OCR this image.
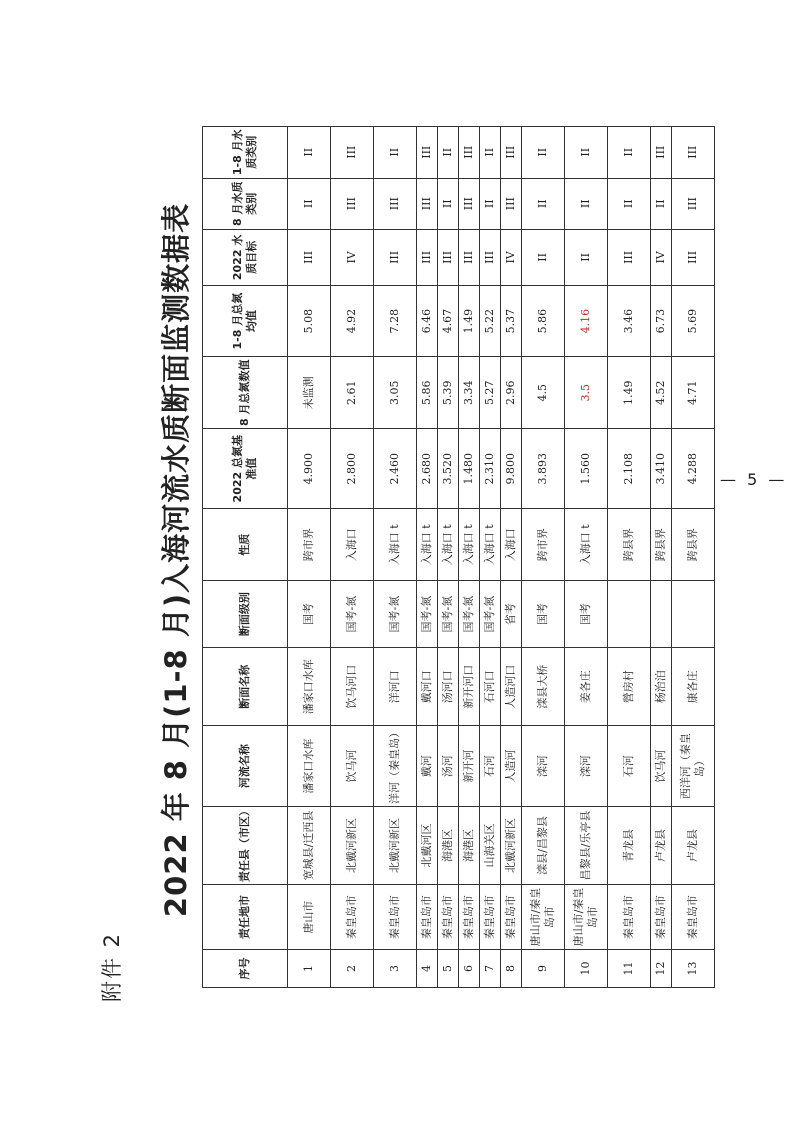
附件 2
2022 年 8 月(1-8 月)入海河流水质断面监测数据表
序号	责任地市	责任县（市区）	河流名称	断面名称	断面级别	性质	2022 总氮基准值	8 月总氮数值	1-8 月总氮均值	2022 水质目标	8 月水质类别	1-8 月水质类别
1	唐山市	宽城县/迁西县	潘家口水库	潘家口水库	国考	跨市界	4.900	未监测	5.08	III	II	II
2	秦皇岛市	北戴河新区	饮马河	饮马河口	国考-氮	入海口	2.800	2.61	4.92	IV	III	III
3	秦皇岛市	北戴河新区	洋河（秦皇岛）	洋河口	国考-氮	入海口 t	2.460	3.05	7.28	III	III	II
4	秦皇岛市	北戴河区	戴河	戴河口	国考-氮	入海口 t	2.680	5.86	6.46	III	III	III
5	秦皇岛市	海港区	汤河	汤河口	国考-氮	入海口 t	3.520	5.39	4.67	III	II	II
6	秦皇岛市	海港区	新开河	新开河口	国考-氮	入海口 t	1.480	3.34	1.49	III	III	III
7	秦皇岛市	山海关区	石河	石河口	国考-氮	入海口 t	2.310	5.27	5.22	III	II	II
8	秦皇岛市	北戴河新区	人造河	人造河口	省考	入海口	9.800	2.96	5.37	IV	III	III
9	唐山市/秦皇岛市	滦县/昌黎县	滦河	滦县大桥	国考	跨市界	3.893	4.5	5.86	II	II	II
10	唐山市/秦皇岛市	昌黎县/乐亭县	滦河	姜各庄	国考	入海口 t	1.560	3.5	4.16	II	II	II
11	秦皇岛市	青龙县	石河	營房村		跨县界	2.108	1.49	3.46	III	II	II
12	秦皇岛市	卢龙县	饮马河	杨治泊		跨县界	3.410	4.52	6.73	IV	II	III
13	秦皇岛市	卢龙县	西洋河（秦皇岛）	康各庄		跨县界	4.288	4.71	5.69	III	III	III
— 5 —
